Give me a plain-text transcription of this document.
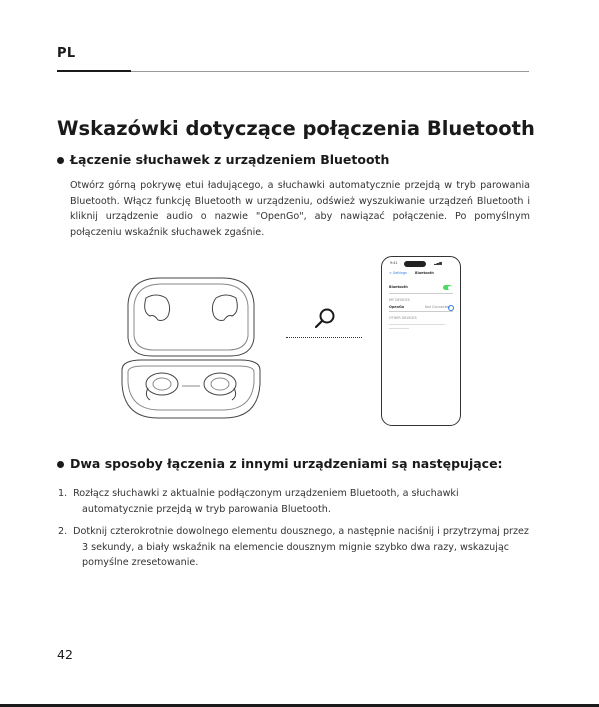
PL
Wskazówki dotyczące połączenia Bluetooth
Łączenie słuchawek z urządzeniem Bluetooth
Otwórz górną pokrywę etui ładującego, a słuchawki automatycznie przejdą w tryb parowania Bluetooth. Włącz funkcję Bluetooth w urządzeniu, odśwież wyszukiwanie urządzeń Bluetooth i kliknij urządzenie audio o nazwie "OpenGo", aby nawiązać połączenie. Po pomyślnym połączeniu wskaźnik słuchawek zgaśnie.
9:41	▂▄▆
< Settings Bluetooth
Bluetooth
MY DEVICES
OpenGo	Not Connected
OTHER DEVICES
Dwa sposoby łączenia z innymi urządzeniami są następujące:
1. Rozłącz słuchawki z aktualnie podłączonym urządzeniem Bluetooth, a słuchawki automatycznie przejdą w tryb parowania Bluetooth.
2. Dotknij czterokrotnie dowolnego elementu dousznego, a następnie naciśnij i przytrzymaj przez 3 sekundy, a biały wskaźnik na elemencie dousznym mignie szybko dwa razy, wskazując pomyślne zresetowanie.
42
